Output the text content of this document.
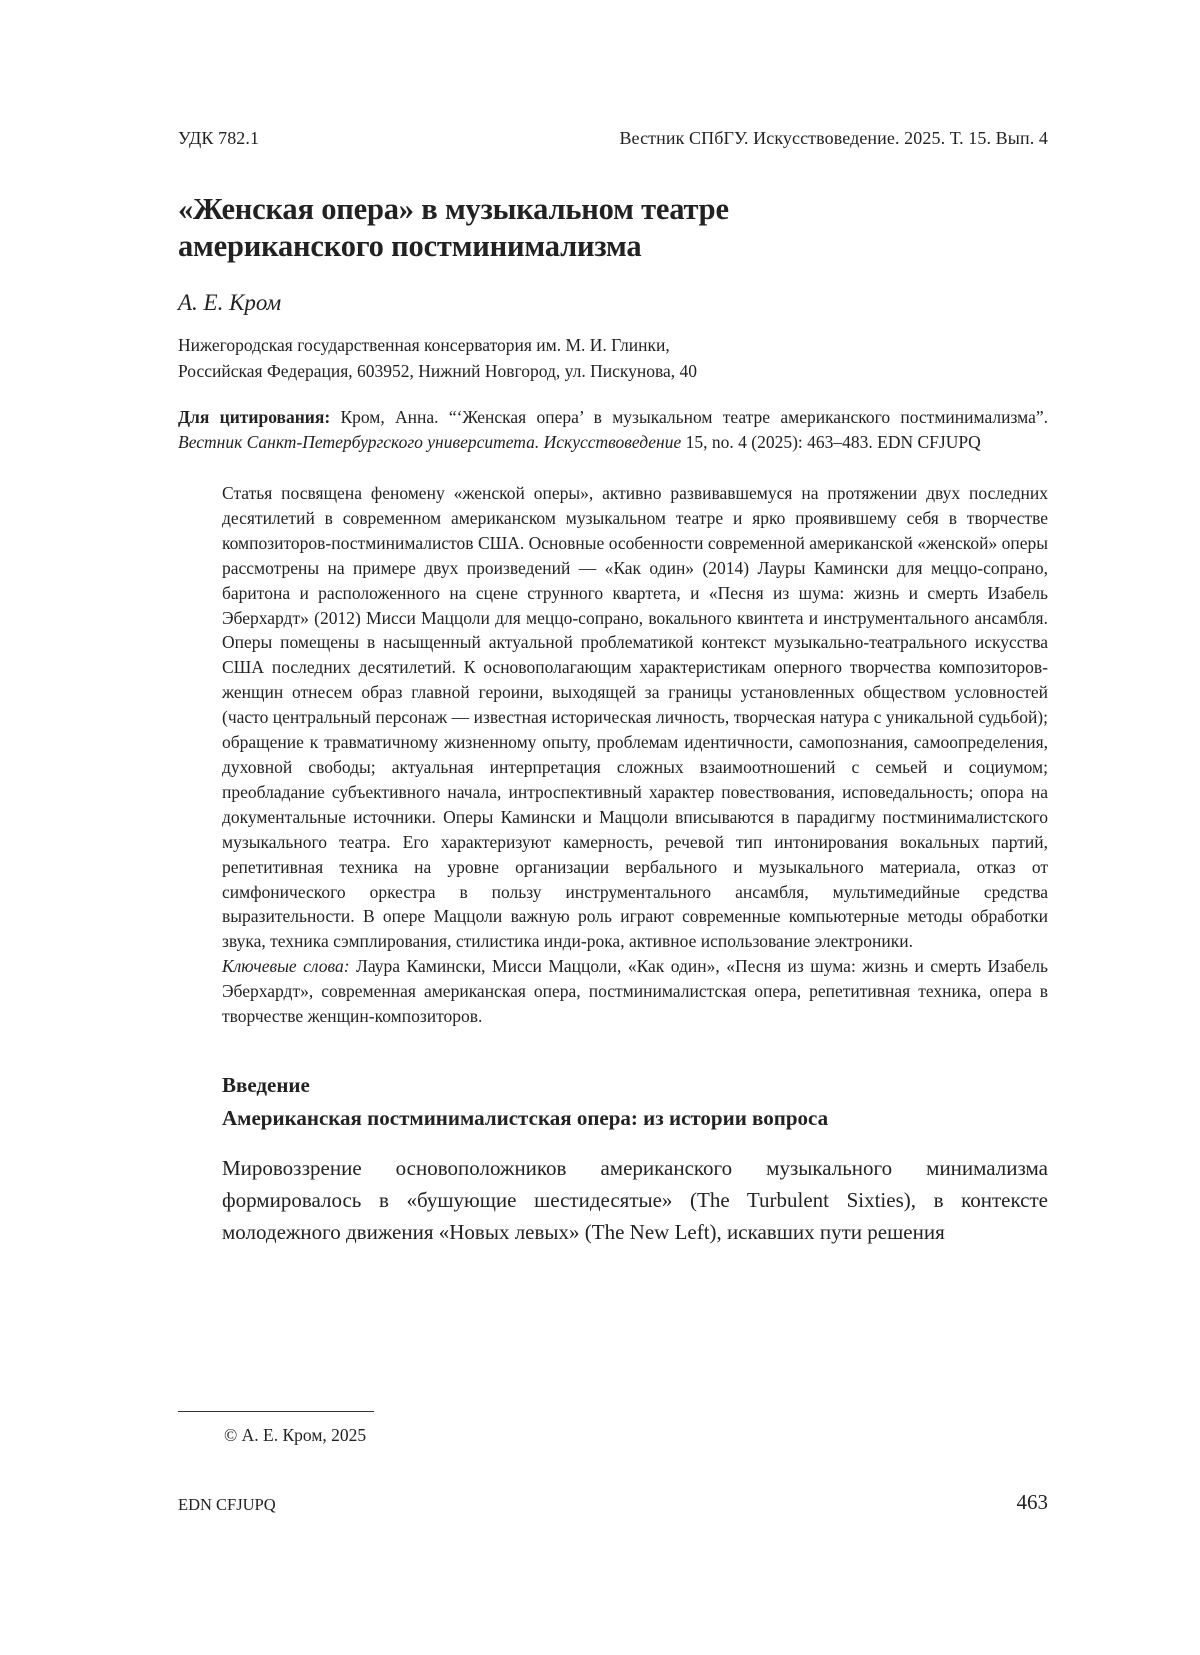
УДК 782.1	Вестник СПбГУ. Искусствоведение. 2025. Т. 15. Вып. 4
«Женская опера» в музыкальном театре
американского постминимализма
А. Е. Кром
Нижегородская государственная консерватория им. М. И. Глинки,
Российская Федерация, 603952, Нижний Новгород, ул. Пискунова, 40
Для цитирования: Кром, Анна. “‘Женская опера’ в музыкальном театре американского постминимализма”. Вестник Санкт-Петербургского университета. Искусствоведение 15, no. 4 (2025): 463–483. EDN CFJUPQ

Статья посвящена феномену «женской оперы», активно развивавшемуся на протяжении двух последних десятилетий в современном американском музыкальном театре и ярко проявившему себя в творчестве композиторов-постминималистов США. Основные особенности современной американской «женской» оперы рассмотрены на примере двух произведений — «Как один» (2014) Лауры Камински для меццо-сопрано, баритона и расположенного на сцене струнного квартета, и «Песня из шума: жизнь и смерть Изабель Эберхардт» (2012) Мисси Маццоли для меццо-сопрано, вокального квинтета и инструментального ансамбля. Оперы помещены в насыщенный актуальной проблематикой контекст музыкально-театрального искусства США последних десятилетий. К основополагающим характеристикам оперного творчества композиторов-женщин отнесем образ главной героини, выходящей за границы установленных обществом условностей (часто центральный персонаж — известная историческая личность, творческая натура с уникальной судьбой); обращение к травматичному жизненному опыту, проблемам идентичности, самопознания, самоопределения, духовной свободы; актуальная интерпретация сложных взаимоотношений с семьей и социумом; преобладание субъективного начала, интроспективный характер повествования, исповедальность; опора на документальные источники. Оперы Камински и Маццоли вписываются в парадигму постминималистского музыкального театра. Его характеризуют камерность, речевой тип интонирования вокальных партий, репетитивная техника на уровне организации вербального и музыкального материала, отказ от симфонического оркестра в пользу инструментального ансамбля, мультимедийные средства выразительности. В опере Маццоли важную роль играют современные компьютерные методы обработки звука, техника сэмплирования, стилистика инди-рока, активное использование электроники.

Ключевые слова: Лаура Камински, Мисси Маццоли, «Как один», «Песня из шума: жизнь и смерть Изабель Эберхардт», современная американская опера, постминималистская опера, репетитивная техника, опера в творчестве женщин-композиторов.

Введение
Американская постминималистская опера: из истории вопроса

Мировоззрение основоположников американского музыкального минимализма формировалось в «бушующие шестидесятые» (The Turbulent Sixties), в контексте молодежного движения «Новых левых» (The New Left), искавших пути решения

© А. Е. Кром, 2025
EDN CFJUPQ	463
